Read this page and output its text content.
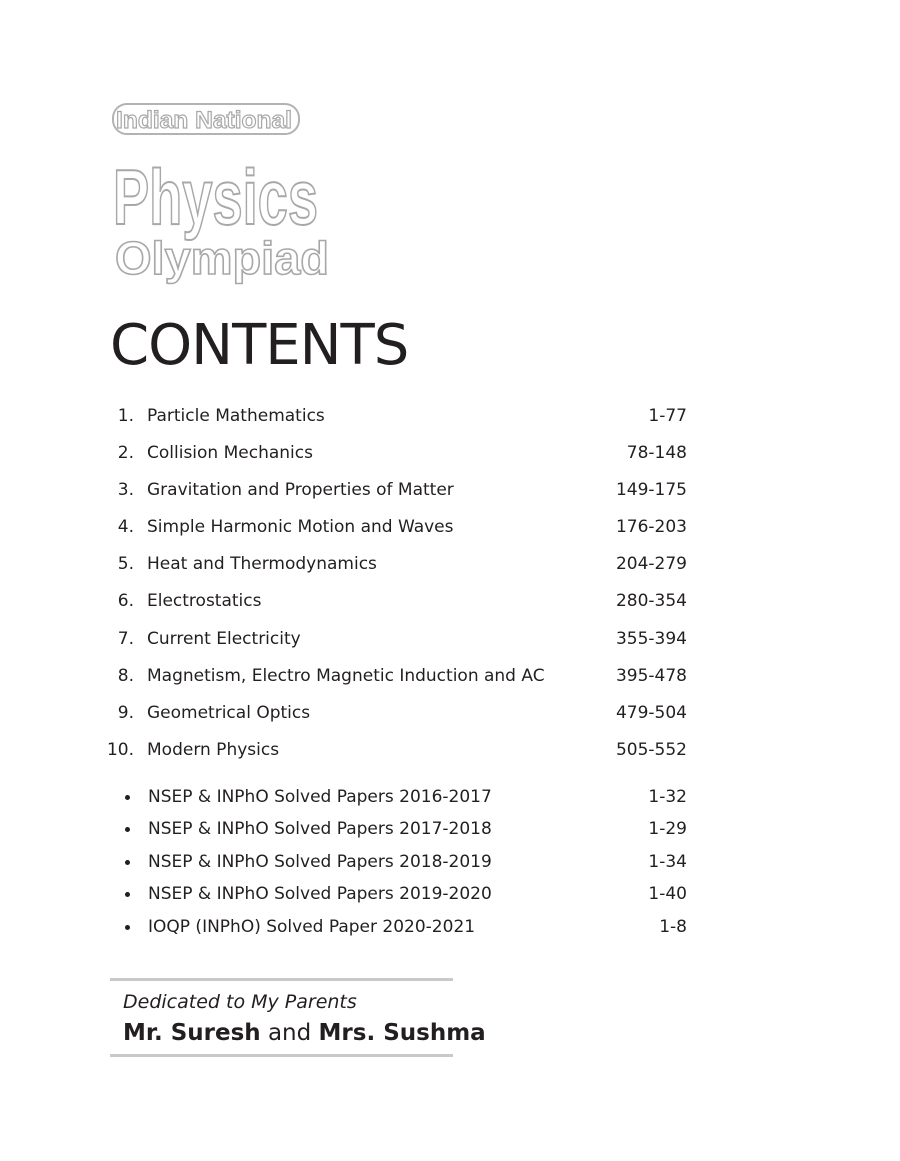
Indian National
Physics
Olympiad
CONTENTS
1. Particle Mathematics	1-77
2. Collision Mechanics	78-148
3. Gravitation and Properties of Matter	149-175
4. Simple Harmonic Motion and Waves	176-203
5. Heat and Thermodynamics	204-279
6. Electrostatics	280-354
7. Current Electricity	355-394
8. Magnetism, Electro Magnetic Induction and AC	395-478
9. Geometrical Optics	479-504
10. Modern Physics	505-552
NSEP & INPhO Solved Papers 2016-2017	1-32
NSEP & INPhO Solved Papers 2017-2018	1-29
NSEP & INPhO Solved Papers 2018-2019	1-34
NSEP & INPhO Solved Papers 2019-2020	1-40
IOQP (INPhO) Solved Paper 2020-2021	1-8
Dedicated to My Parents
Mr. Suresh and Mrs. Sushma
